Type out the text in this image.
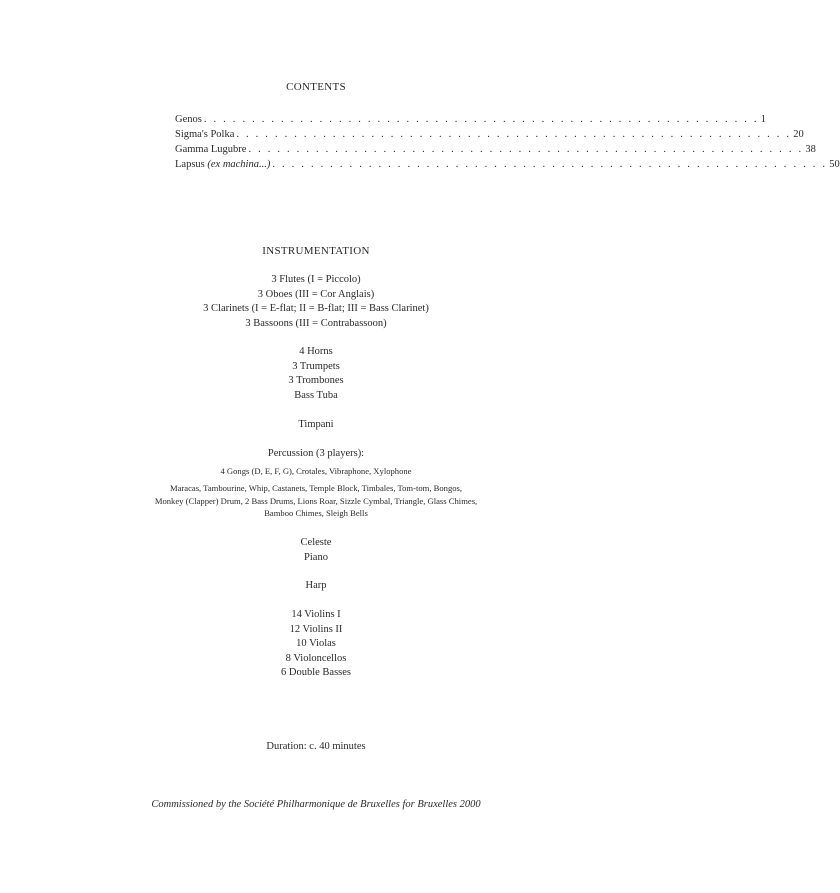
CONTENTS
Genos . . . . . . . . . . . . . . . . . . . . . . . . . . . . . . . . . . . . . . . . . . . . . . . . . . . . . . . . . . 1
Sigma's Polka . . . . . . . . . . . . . . . . . . . . . . . . . . . . . . . . . . . . . . . . . . . . . . . . . . . . . . . . . . 20
Gamma Lugubre . . . . . . . . . . . . . . . . . . . . . . . . . . . . . . . . . . . . . . . . . . . . . . . . . . . . . . . . . . 38
Lapsus (ex machina...) . . . . . . . . . . . . . . . . . . . . . . . . . . . . . . . . . . . . . . . . . . . . . . . . . . . . . . . . . . 50
INSTRUMENTATION
3 Flutes (I = Piccolo)
3 Oboes (III = Cor Anglais)
3 Clarinets (I = E-flat; II = B-flat; III = Bass Clarinet)
3 Bassoons (III = Contrabassoon)
4 Horns
3 Trumpets
3 Trombones
Bass Tuba
Timpani
Percussion (3 players):
4 Gongs (D, E, F, G), Crotales, Vibraphone, Xylophone
Maracas, Tambourine, Whip, Castanets, Temple Block, Timbales, Tom-tom, Bongos,
Monkey (Clapper) Drum, 2 Bass Drums, Lions Roar, Sizzle Cymbal, Triangle, Glass Chimes,
Bamboo Chimes, Sleigh Bells
Celeste
Piano
Harp
14 Violins I
12 Violins II
10 Violas
8 Violoncellos
6 Double Basses
Duration: c. 40 minutes
Commissioned by the Société Philharmonique de Bruxelles for Bruxelles 2000
